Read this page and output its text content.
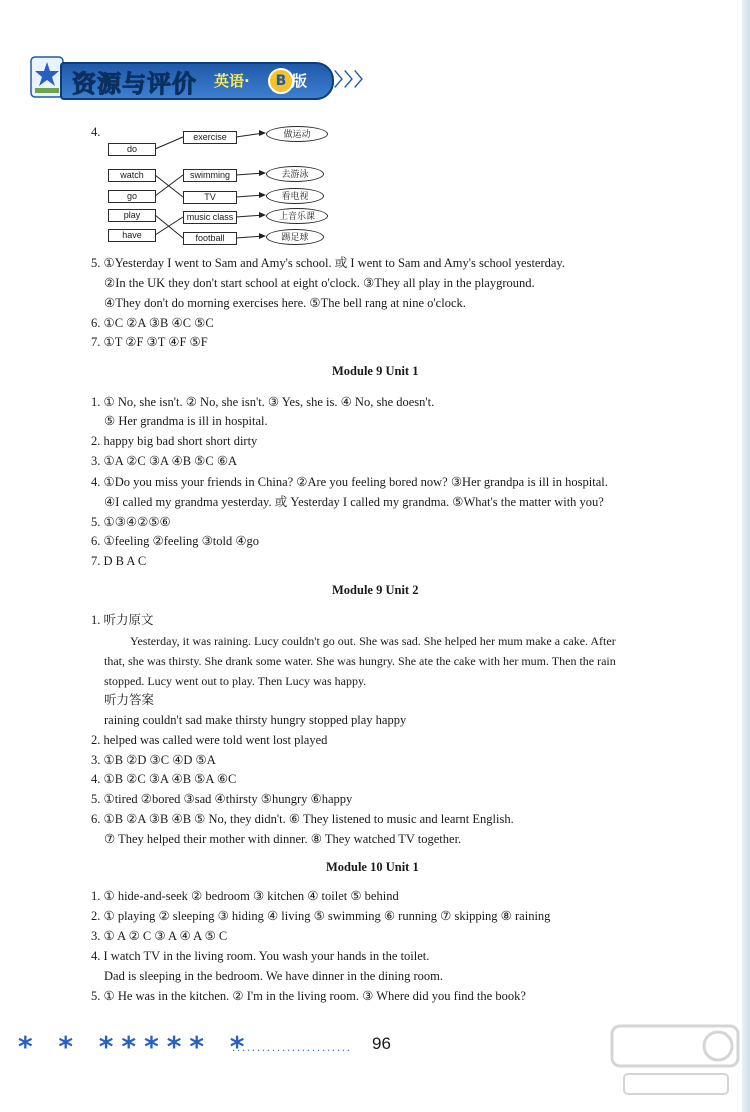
资源与评价 英语·	B 版 〉〉〉
4.
do
watch
go
play
have
exercise
swimming
TV
music class
football
做运动
去游泳
看电视
上音乐课
踢足球
5. ①Yesterday I went to Sam and Amy's school. 或 I went to Sam and Amy's school yesterday.
②In the UK they don't start school at eight o'clock. ③They all play in the playground.
④They don't do morning exercises here. ⑤The bell rang at nine o'clock.
6. ①C ②A ③B ④C ⑤C
7. ①T ②F ③T ④F ⑤F
Module 9 Unit 1
1. ① No, she isn't. ② No, she isn't. ③ Yes, she is. ④ No, she doesn't.
⑤ Her grandma is ill in hospital.
2. happy big bad short short dirty
3. ①A ②C ③A ④B ⑤C ⑥A
4. ①Do you miss your friends in China? ②Are you feeling bored now? ③Her grandpa is ill in hospital.
④I called my grandma yesterday. 或 Yesterday I called my grandma. ⑤What's the matter with you?
5. ①③④②⑤⑥
6. ①feeling ②feeling ③told ④go
7. D B A C
Module 9 Unit 2
1. 听力原文
Yesterday, it was raining. Lucy couldn't go out. She was sad. She helped her mum make a cake. After
that, she was thirsty. She drank some water. She was hungry. She ate the cake with her mum. Then the rain
stopped. Lucy went out to play. Then Lucy was happy.
听力答案
raining couldn't sad make thirsty hungry stopped play happy
2. helped was called were told went lost played
3. ①B ②D ③C ④D ⑤A
4. ①B ②C ③A ④B ⑤A ⑥C
5. ①tired ②bored ③sad ④thirsty ⑤hungry ⑥happy
6. ①B ②A ③B ④B ⑤ No, they didn't. ⑥ They listened to music and learnt English.
⑦ They helped their mother with dinner. ⑧ They watched TV together.
Module 10 Unit 1
1. ① hide-and-seek ② bedroom ③ kitchen ④ toilet ⑤ behind
2. ① playing ② sleeping ③ hiding ④ living ⑤ swimming ⑥ running ⑦ skipping ⑧ raining
3. ① A ② C ③ A ④ A ⑤ C
4. I watch TV in the living room. You wash your hands in the toilet.
Dad is sleeping in the bedroom. We have dinner in the dining room.
5. ① He was in the kitchen. ② I'm in the living room. ③ Where did you find the book?
* * ***** *
........................ 96
